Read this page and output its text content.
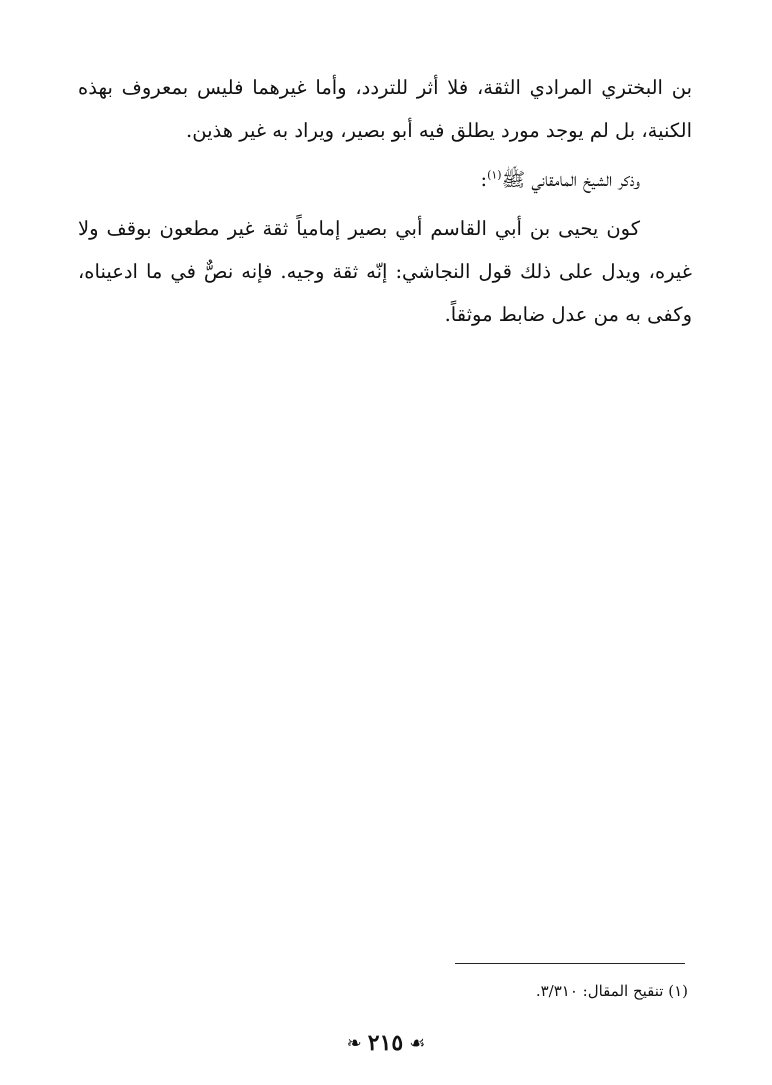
بن البختري المرادي الثقة، فلا أثر للتردد، وأما غيرهما فليس بمعروف بهذه الكنية، بل لم يوجد مورد يطلق فيه أبو بصير، ويراد به غير هذين.

وذكر الشيخ المامقاني ﷺ$^{(١)}$:

كون يحيى بن أبي القاسم أبي بصير إمامياً ثقة غير مطعون بوقف ولا غيره، ويدل على ذلك قول النجاشي: إنّه ثقة وجيه. فإنه نصٌّ في ما ادعيناه، وكفى به من عدل ضابط موثقاً.

(١) تنقيح المقال: ٣/٣١٠.
☙٢١٥❧
